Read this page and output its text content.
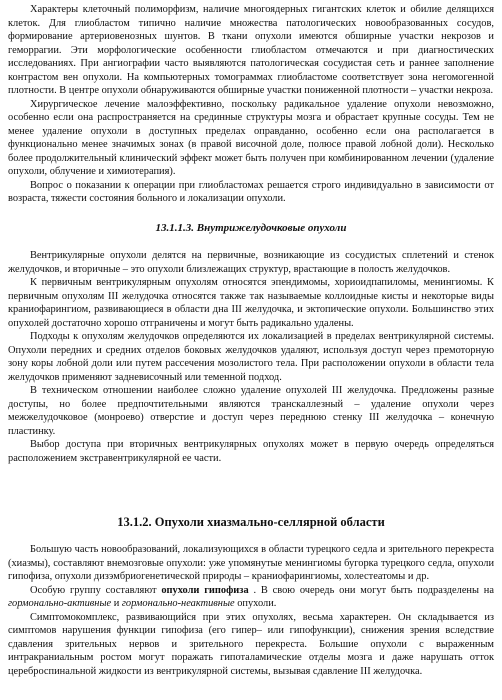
Характеры клеточный полиморфизм, наличие многоядерных гигантских клеток и обилие делящихся клеток. Для глиобластом типично наличие множества патологических новообразованных сосудов, формирование артериовенозных шунтов. В ткани опухоли имеются обширные участки некрозов и геморрагии. Эти морфологические особенности глиобластом отмечаются и при диагностических исследованиях. При ангиографии часто выявляются патологическая сосудистая сеть и раннее заполнение контрастом вен опухоли. На компьютерных томограммах глиобластоме соответствует зона негомогенной плотности. В центре опухоли обнаруживаются обширные участки пониженной плотности – участки некроза.

Хирургическое лечение малоэффективно, поскольку радикальное удаление опухоли невозможно, особенно если она распространяется на срединные структуры мозга и обрастает крупные сосуды. Тем не менее удаление опухоли в доступных пределах оправданно, особенно если она располагается в функционально менее значимых зонах (в правой височной доле, полюсе правой лобной доли). Несколько более продолжительный клинический эффект может быть получен при комбинированном лечении (удаление опухоли, облучение и химиотерапия).

Вопрос о показании к операции при глиобластомах решается строго индивидуально в зависимости от возраста, тяжести состояния больного и локализации опухоли.

13.1.1.3. Внутрижелудочковые опухоли

Вентрикулярные опухоли делятся на первичные, возникающие из сосудистых сплетений и стенок желудочков, и вторичные – это опухоли близлежащих структур, врастающие в полость желудочков.

К первичным вентрикулярным опухолям относятся эпендимомы, хориоидпапиломы, менингиомы. К первичным опухолям III желудочка относятся также так называемые коллоидные кисты и некоторые виды краниофарингиом, развивающиеся в области дна III желудочка, и эктопические опухоли. Большинство этих опухолей достаточно хорошо отграничены и могут быть радикально удалены.

Подходы к опухолям желудочков определяются их локализацией в пределах вентрикулярной системы. Опухоли передних и средних отделов боковых желудочков удаляют, используя доступ через премоторную зону коры лобной доли или путем рассечения мозолистого тела. При расположении опухоли в области тела желудочков применяют задневисочный или теменной подход.

В техническом отношении наиболее сложно удаление опухолей III желудочка. Предложены разные доступы, но более предпочтительными являются транскаллезный – удаление опухоли через межжелудочковое (монроево) отверстие и доступ через переднюю стенку III желудочка – конечную пластинку.

Выбор доступа при вторичных вентрикулярных опухолях может в первую очередь определяться расположением экстравентрикулярной ее части.

13.1.2. Опухоли хиазмально-селлярной области

Большую часть новообразований, локализующихся в области турецкого седла и зрительного перекреста (хиазмы), составляют внемозговые опухоли: уже упомянутые менингиомы бугорка турецкого седла, опухоли гипофиза, опухоли дизэмбриогенетической природы – краниофарингиомы, холестеатомы и др.

Особую группу составляют опухоли гипофиза . В свою очередь они могут быть подразделены на гормонально-активные и гормонально-неактивные опухоли.

Симптомокомплекс, развивающийся при этих опухолях, весьма характерен. Он складывается из симптомов нарушения функции гипофиза (его гипер– или гипофункции), снижения зрения вследствие сдавления зрительных нервов и зрительного перекреста. Большие опухоли с выраженным интракраниальным ростом могут поражать гипоталамические отделы мозга и даже нарушать отток цереброспинальной жидкости из вентрикулярной системы, вызывая сдавление III желудочка.
